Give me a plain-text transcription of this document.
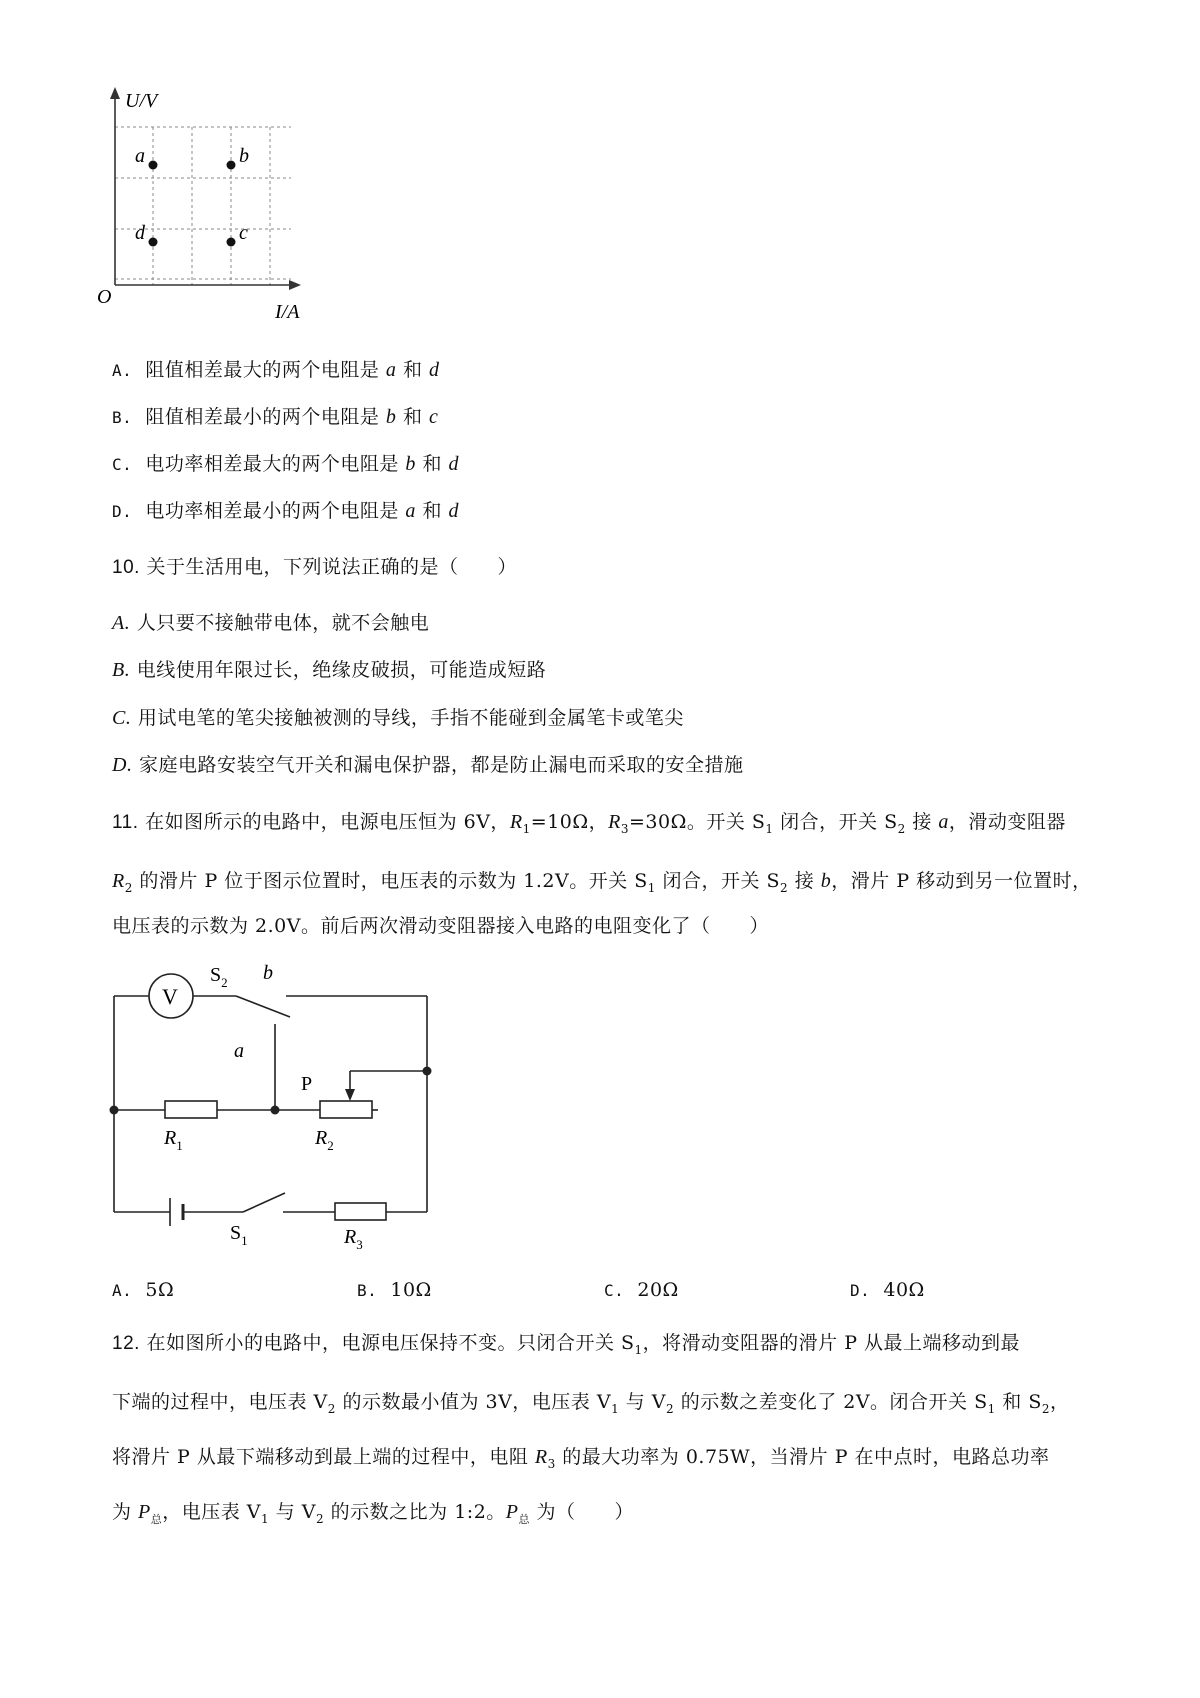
U/V
I/A
O
a	b
c
d
A. 阻值相差最大的两个电阻是 a 和 d
B. 阻值相差最小的两个电阻是 b 和 c
C. 电功率相差最大的两个电阻是 b 和 d
D. 电功率相差最小的两个电阻是 a 和 d
10. 关于生活用电，下列说法正确的是（　　）
A. 人只要不接触带电体，就不会触电
B. 电线使用年限过长，绝缘皮破损，可能造成短路
C. 用试电笔的笔尖接触被测的导线，手指不能碰到金属笔卡或笔尖
D. 家庭电路安装空气开关和漏电保护器，都是防止漏电而采取的安全措施
11. 在如图所示的电路中，电源电压恒为 6V，$R_1=10\Omega$，$R_3=30\Omega$。开关 $S_1$ 闭合，开关 $S_2$ 接 a，滑动变阻器
$R_2$ 的滑片 P 位于图示位置时，电压表的示数为 1.2V。开关 $S_1$ 闭合，开关 $S_2$ 接 b，滑片 P 移动到另一位置时，
电压表的示数为 2.0V。前后两次滑动变阻器接入电路的电阻变化了（　　）
V
$S_2$ b
a
P
$R_1$	$R_2$
$S_1$	$R_3$
A. 5Ω	B. 10Ω	C. 20Ω	D. 40Ω
12. 在如图所小的电路中，电源电压保持不变。只闭合开关 $S_1$，将滑动变阻器的滑片 P 从最上端移动到最
下端的过程中，电压表 $V_2$ 的示数最小值为 3V，电压表 $V_1$ 与 $V_2$ 的示数之差变化了 2V。闭合开关 $S_1$ 和 $S_2$，
将滑片 P 从最下端移动到最上端的过程中，电阻 $R_3$ 的最大功率为 0.75W，当滑片 P 在中点时，电路总功率
为 $P_总$，电压表 $V_1$ 与 $V_2$ 的示数之比为 1:2。$P_总$ 为（　　）
